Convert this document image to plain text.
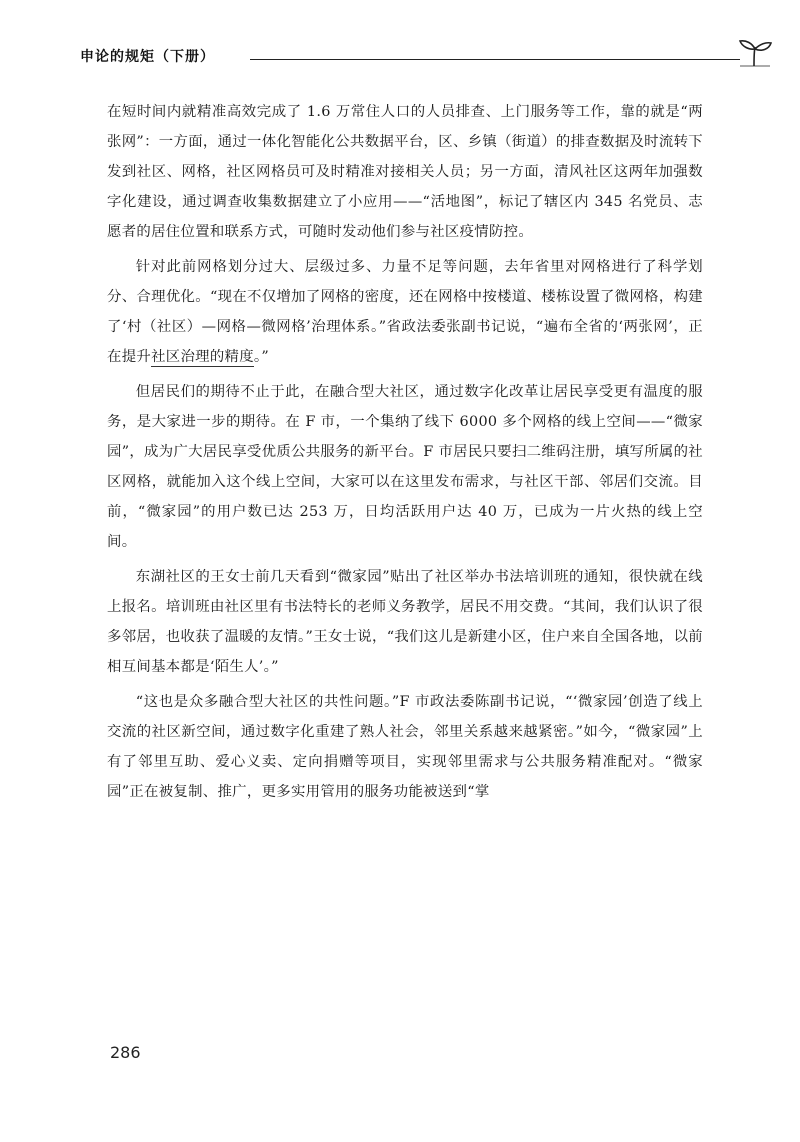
申论的规矩（下册）

在短时间内就精准高效完成了 1.6 万常住人口的人员排查、上门服务等工作，靠的就是“两张网”：一方面，通过一体化智能化公共数据平台，区、乡镇（街道）的排查数据及时流转下发到社区、网格，社区网格员可及时精准对接相关人员；另一方面，清风社区这两年加强数字化建设，通过调查收集数据建立了小应用——“活地图”，标记了辖区内 345 名党员、志愿者的居住位置和联系方式，可随时发动他们参与社区疫情防控。

针对此前网格划分过大、层级过多、力量不足等问题，去年省里对网格进行了科学划分、合理优化。“现在不仅增加了网格的密度，还在网格中按楼道、楼栋设置了微网格，构建了‘村（社区）—网格—微网格’治理体系。”省政法委张副书记说，“遍布全省的‘两张网’，正在提升社区治理的精度。”

但居民们的期待不止于此，在融合型大社区，通过数字化改革让居民享受更有温度的服务，是大家进一步的期待。在 F 市，一个集纳了线下 6000 多个网格的线上空间——“微家园”，成为广大居民享受优质公共服务的新平台。F 市居民只要扫二维码注册，填写所属的社区网格，就能加入这个线上空间，大家可以在这里发布需求，与社区干部、邻居们交流。目前，“微家园”的用户数已达 253 万，日均活跃用户达 40 万，已成为一片火热的线上空间。

东湖社区的王女士前几天看到“微家园”贴出了社区举办书法培训班的通知，很快就在线上报名。培训班由社区里有书法特长的老师义务教学，居民不用交费。“其间，我们认识了很多邻居，也收获了温暖的友情。”王女士说，“我们这儿是新建小区，住户来自全国各地，以前相互间基本都是‘陌生人’。”

“这也是众多融合型大社区的共性问题。”F 市政法委陈副书记说，“‘微家园’创造了线上交流的社区新空间，通过数字化重建了熟人社会，邻里关系越来越紧密。”如今，“微家园”上有了邻里互助、爱心义卖、定向捐赠等项目，实现邻里需求与公共服务精准配对。“微家园”正在被复制、推广，更多实用管用的服务功能被送到“掌

286
